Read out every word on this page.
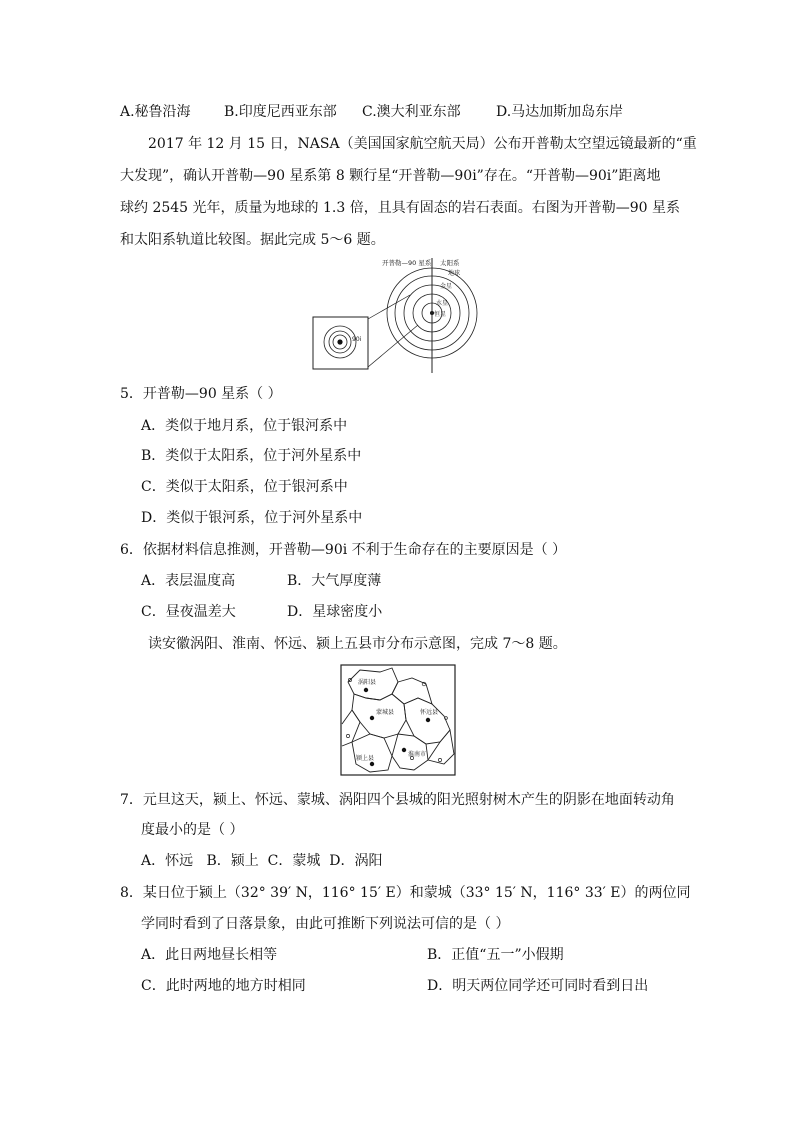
A.秘鲁沿海 B.印度尼西亚东部 C.澳大利亚东部	D.马达加斯加岛东岸
2017 年 12 月 15 日，NASA（美国国家航空航天局）公布开普勒太空望远镜最新的“重
大发现”，确认开普勒—90 星系第 8 颗行星“开普勒—90i”存在。“开普勒—90i”距离地
球约 2545 光年，质量为地球的 1.3 倍，且具有固态的岩石表面。右图为开普勒—90 星系
和太阳系轨道比较图。据此完成 5～6 题。
90i
开普勒—90 星系 太阳系
地球
金星
水星
恒星
5．开普勒—90 星系（ ）
A．类似于地月系，位于银河系中
B．类似于太阳系，位于河外星系中
C．类似于太阳系，位于银河系中
D．类似于银河系，位于河外星系中
6．依据材料信息推测，开普勒—90i 不利于生命存在的主要原因是（ ）
A．表层温度高	B．大气厚度薄
C．昼夜温差大	D．星球密度小
读安徽涡阳、淮南、怀远、颍上五县市分布示意图，完成 7～8 题。
涡阳县
蒙城县	怀远县
淮南市
颍上县
7．元旦这天，颍上、怀远、蒙城、涡阳四个县城的阳光照射树木产生的阴影在地面转动角
度最小的是（ ）
A．怀远   B．颍上  C．蒙城  D．涡阳
8．某日位于颍上（32° 39′ N，116° 15′ E）和蒙城（33° 15′ N，116° 33′ E）的两位同
学同时看到了日落景象，由此可推断下列说法可信的是（ ）
A．此日两地昼长相等	B．正值“五一”小假期
C．此时两地的地方时相同	D．明天两位同学还可同时看到日出
